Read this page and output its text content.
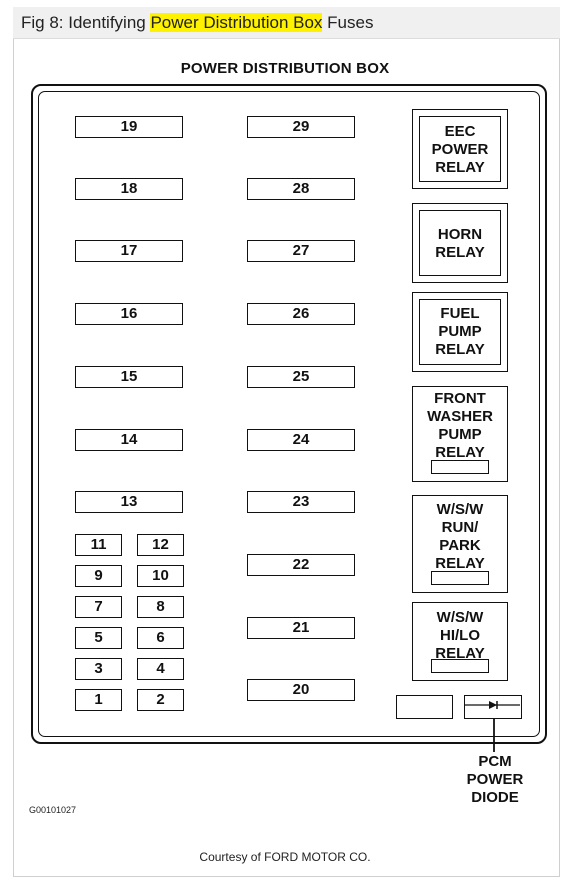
Fig 8: Identifying Power Distribution Box Fuses
POWER DISTRIBUTION BOX
19
18
17
16
15
14
13
11	12
9	10
7	8
5	6
3	4
1	2
29
28
27
26
25
24
23
22
21
20
EEC
POWER
RELAY
HORN
RELAY
FUEL
PUMP
RELAY
FRONT
WASHER
PUMP
RELAY
W/S/W
RUN/
PARK
RELAY
W/S/W
HI/LO
RELAY
PCM
POWER
DIODE
G00101027
Courtesy of FORD MOTOR CO.
